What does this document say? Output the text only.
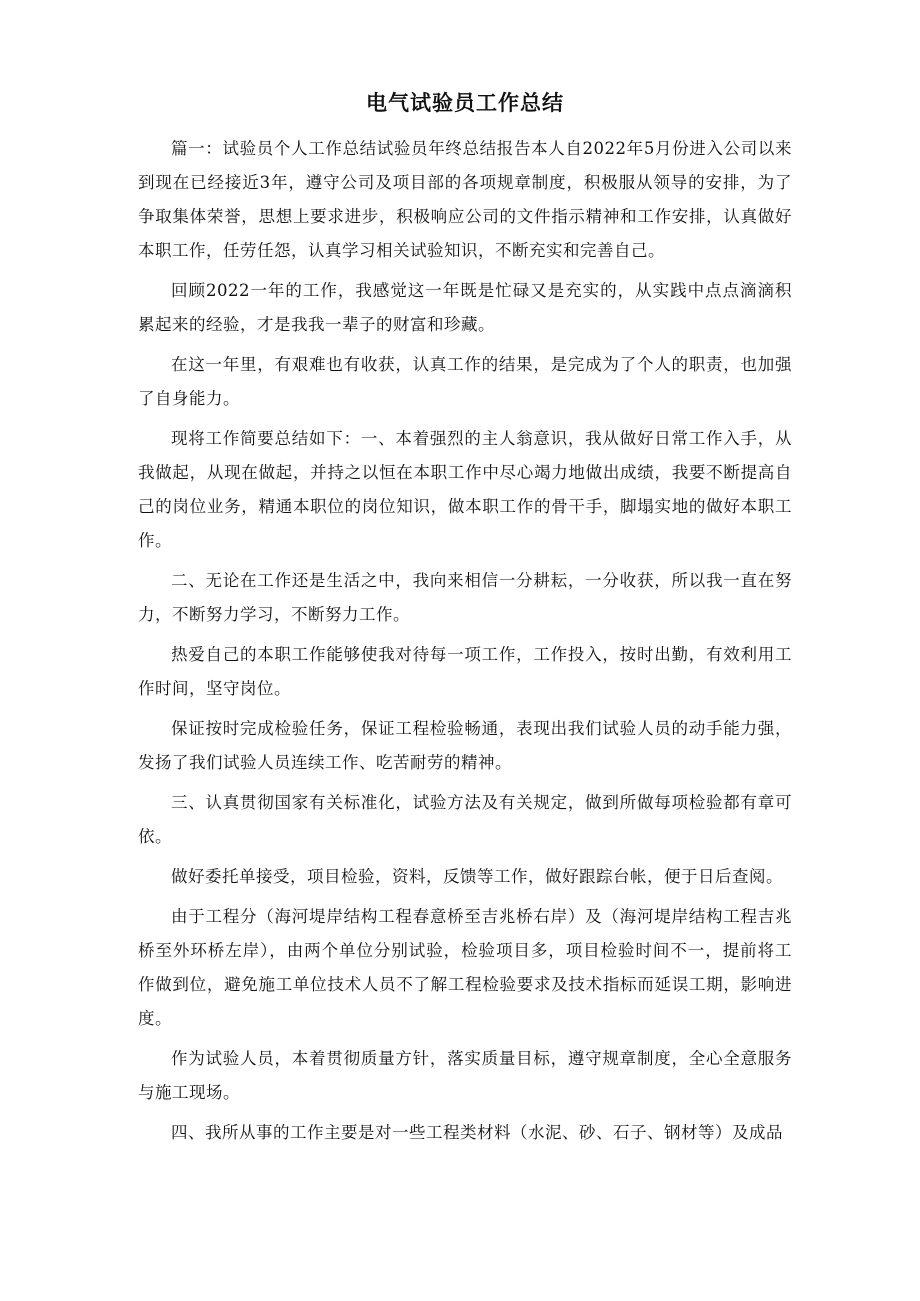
电气试验员工作总结

篇一：试验员个人工作总结试验员年终总结报告本人自2022年5月份进入公司以来到现在已经接近3年，遵守公司及项目部的各项规章制度，积极服从领导的安排，为了争取集体荣誉，思想上要求进步，积极响应公司的文件指示精神和工作安排，认真做好本职工作，任劳任怨，认真学习相关试验知识，不断充实和完善自己。

回顾2022一年的工作，我感觉这一年既是忙碌又是充实的，从实践中点点滴滴积累起来的经验，才是我我一辈子的财富和珍藏。

在这一年里，有艰难也有收获，认真工作的结果，是完成为了个人的职责，也加强了自身能力。

现将工作简要总结如下：一、本着强烈的主人翁意识，我从做好日常工作入手，从我做起，从现在做起，并持之以恒在本职工作中尽心竭力地做出成绩，我要不断提高自己的岗位业务，精通本职位的岗位知识，做本职工作的骨干手，脚塌实地的做好本职工作。

二、无论在工作还是生活之中，我向来相信一分耕耘，一分收获，所以我一直在努力，不断努力学习，不断努力工作。

热爱自己的本职工作能够使我对待每一项工作，工作投入，按时出勤，有效利用工作时间，坚守岗位。

保证按时完成检验任务，保证工程检验畅通，表现出我们试验人员的动手能力强，发扬了我们试验人员连续工作、吃苦耐劳的精神。

三、认真贯彻国家有关标准化，试验方法及有关规定，做到所做每项检验都有章可依。

做好委托单接受，项目检验，资料，反馈等工作，做好跟踪台帐，便于日后查阅。

由于工程分（海河堤岸结构工程春意桥至吉兆桥右岸）及（海河堤岸结构工程吉兆桥至外环桥左岸），由两个单位分别试验，检验项目多，项目检验时间不一，提前将工作做到位，避免施工单位技术人员不了解工程检验要求及技术指标而延误工期，影响进度。

作为试验人员，本着贯彻质量方针，落实质量目标，遵守规章制度，全心全意服务与施工现场。

四、我所从事的工作主要是对一些工程类材料（水泥、砂、石子、钢材等）及成品
